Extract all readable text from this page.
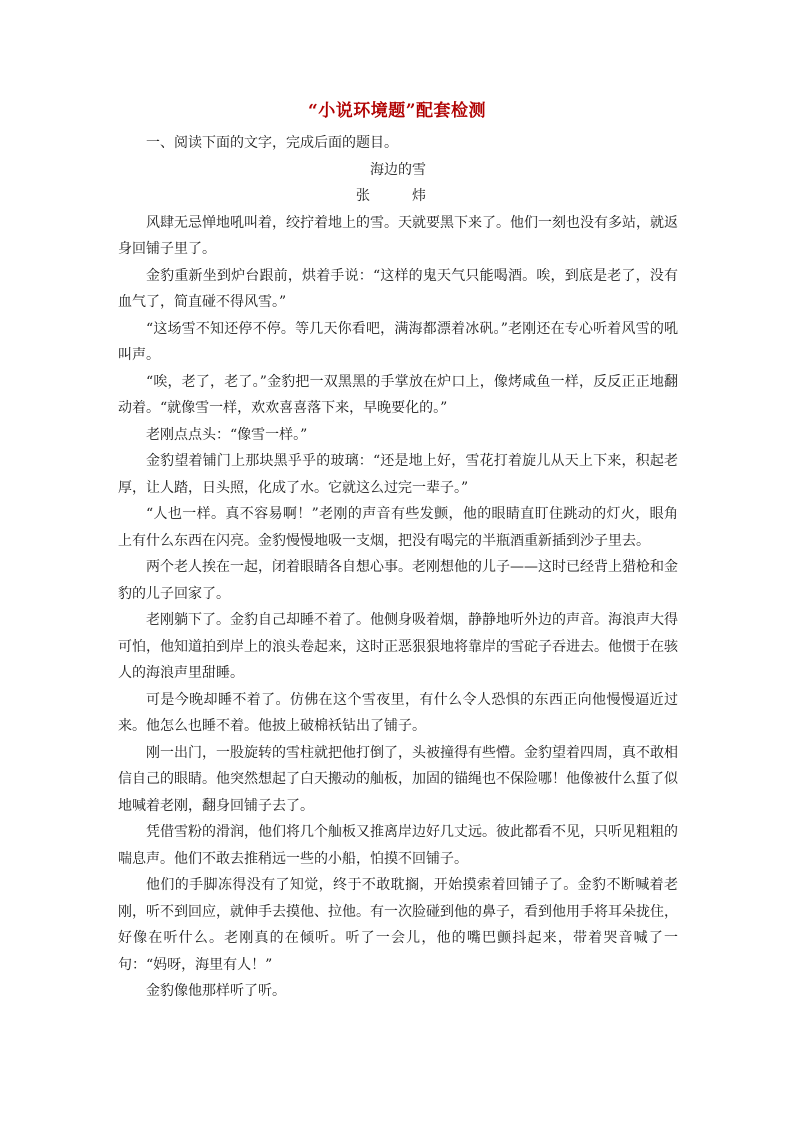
“小说环境题”配套检测

一、阅读下面的文字，完成后面的题目。

海边的雪

张　炜

风肆无忌惮地吼叫着，绞拧着地上的雪。天就要黑下来了。他们一刻也没有多站，就返身回铺子里了。

金豹重新坐到炉台跟前，烘着手说：“这样的鬼天气只能喝酒。唉，到底是老了，没有血气了，简直碰不得风雪。”

“这场雪不知还停不停。等几天你看吧，满海都漂着冰矾。”老刚还在专心听着风雪的吼叫声。

“唉，老了，老了。”金豹把一双黑黑的手掌放在炉口上，像烤咸鱼一样，反反正正地翻动着。“就像雪一样，欢欢喜喜落下来，早晚要化的。”

老刚点点头：“像雪一样。”

金豹望着铺门上那块黑乎乎的玻璃：“还是地上好，雪花打着旋儿从天上下来，积起老厚，让人踏，日头照，化成了水。它就这么过完一辈子。”

“人也一样。真不容易啊！”老刚的声音有些发颤，他的眼睛直盯住跳动的灯火，眼角上有什么东西在闪亮。金豹慢慢地吸一支烟，把没有喝完的半瓶酒重新插到沙子里去。

两个老人挨在一起，闭着眼睛各自想心事。老刚想他的儿子——这时已经背上猎枪和金豹的儿子回家了。

老刚躺下了。金豹自己却睡不着了。他侧身吸着烟，静静地听外边的声音。海浪声大得可怕，他知道拍到岸上的浪头卷起来，这时正恶狠狠地将靠岸的雪砣子吞进去。他惯于在骇人的海浪声里甜睡。

可是今晚却睡不着了。仿佛在这个雪夜里，有什么令人恐惧的东西正向他慢慢逼近过来。他怎么也睡不着。他披上破棉袄钻出了铺子。

刚一出门，一股旋转的雪柱就把他打倒了，头被撞得有些懵。金豹望着四周，真不敢相信自己的眼睛。他突然想起了白天搬动的舢板，加固的锚绳也不保险哪！他像被什么蜇了似地喊着老刚，翻身回铺子去了。

凭借雪粉的滑润，他们将几个舢板又推离岸边好几丈远。彼此都看不见，只听见粗粗的喘息声。他们不敢去推稍远一些的小船，怕摸不回铺子。

他们的手脚冻得没有了知觉，终于不敢耽搁，开始摸索着回铺子了。金豹不断喊着老刚，听不到回应，就伸手去摸他、拉他。有一次脸碰到他的鼻子，看到他用手将耳朵拢住，好像在听什么。老刚真的在倾听。听了一会儿，他的嘴巴颤抖起来，带着哭音喊了一句：“妈呀，海里有人！”

金豹像他那样听了听。
